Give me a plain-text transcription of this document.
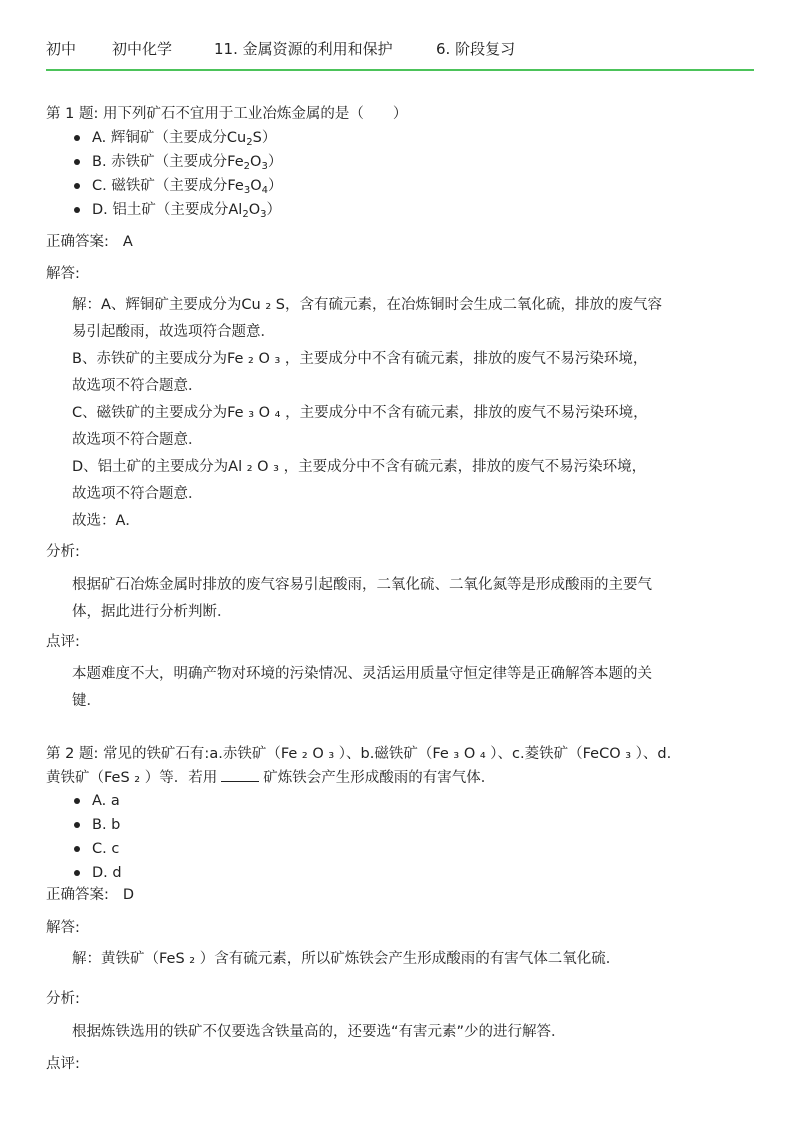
初中	初中化学	11. 金属资源的利用和保护	6. 阶段复习
第 1 题: 用下列矿石不宜用于工业冶炼金属的是（　　）
A. 辉铜矿（主要成分$Cu_2S$）
B. 赤铁矿（主要成分$Fe_2O_3$）
C. 磁铁矿（主要成分$Fe_3O_4$）
D. 铝土矿（主要成分$Al_2O_3$）
正确答案: A
解答:

解：A、辉铜矿主要成分为Cu ₂ S，含有硫元素，在冶炼铜时会生成二氧化硫，排放的废气容

易引起酸雨，故选项符合题意．

B、赤铁矿的主要成分为Fe ₂ O ₃ ，主要成分中不含有硫元素，排放的废气不易污染环境，

故选项不符合题意．

C、磁铁矿的主要成分为Fe ₃ O ₄ ，主要成分中不含有硫元素，排放的废气不易污染环境，

故选项不符合题意．

D、铝土矿的主要成分为Al ₂ O ₃ ，主要成分中不含有硫元素，排放的废气不易污染环境，

故选项不符合题意．

故选：A．

分析:

根据矿石冶炼金属时排放的废气容易引起酸雨，二氧化硫、二氧化氮等是形成酸雨的主要气

体，据此进行分析判断．

点评:

本题难度不大，明确产物对环境的污染情况、灵活运用质量守恒定律等是正确解答本题的关

键．

第 2 题: 常见的铁矿石有:a.赤铁矿（Fe ₂ O ₃ ）、b.磁铁矿（Fe ₃ O ₄ ）、c.菱铁矿（FeCO ₃ ）、d.
黄铁矿（FeS ₂ ）等．若用	矿炼铁会产生形成酸雨的有害气体．
A. a
B. b
C. c
D. d
正确答案: D
解答:

解：黄铁矿（FeS ₂ ）含有硫元素，所以矿炼铁会产生形成酸雨的有害气体二氧化硫．

分析:

根据炼铁选用的铁矿不仅要选含铁量高的，还要选“有害元素”少的进行解答．

点评:
